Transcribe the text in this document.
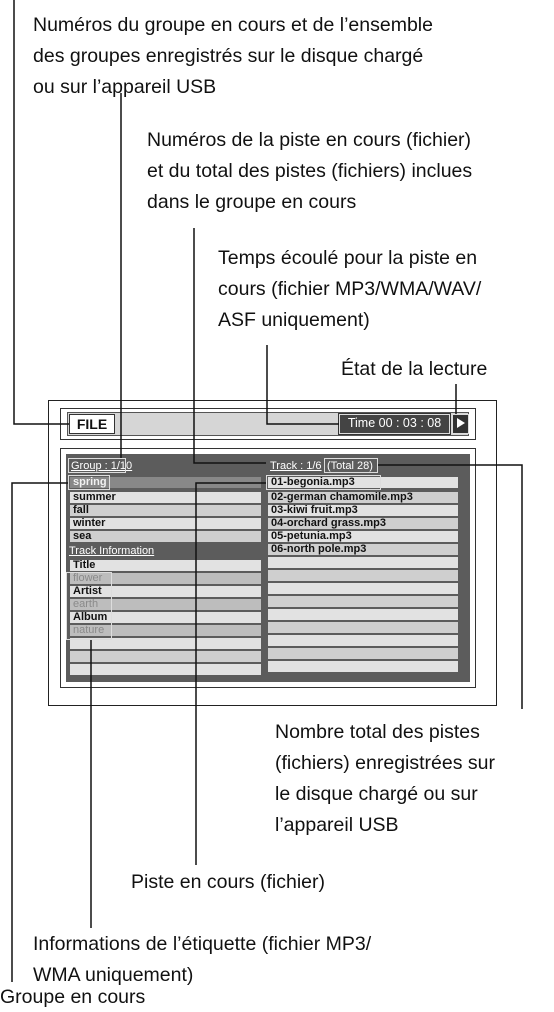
Numéros du groupe en cours et de l’ensemble
des groupes enregistrés sur le disque chargé
ou sur l’appareil USB
Numéros de la piste en cours (fichier)
et du total des pistes (fichiers) inclues
dans le groupe en cours
Temps écoulé pour la piste en
cours (fichier MP3/WMA/WAV/
ASF uniquement)
État de la lecture
Nombre total des pistes
(fichiers) enregistrées sur
le disque chargé ou sur
l’appareil USB
Piste en cours (fichier)
Informations de l’étiquette (fichier MP3/
WMA uniquement)
Groupe en cours
FILE	Time 00 : 03 : 08
Group : 1/10	Track : 1/6 (Total 28)
spring
summer
fall
winter
sea
Track Information
Title
flower
Artist
earth
Album
nature
01-begonia.mp3
02-german chamomile.mp3
03-kiwi fruit.mp3
04-orchard grass.mp3
05-petunia.mp3
06-north pole.mp3
